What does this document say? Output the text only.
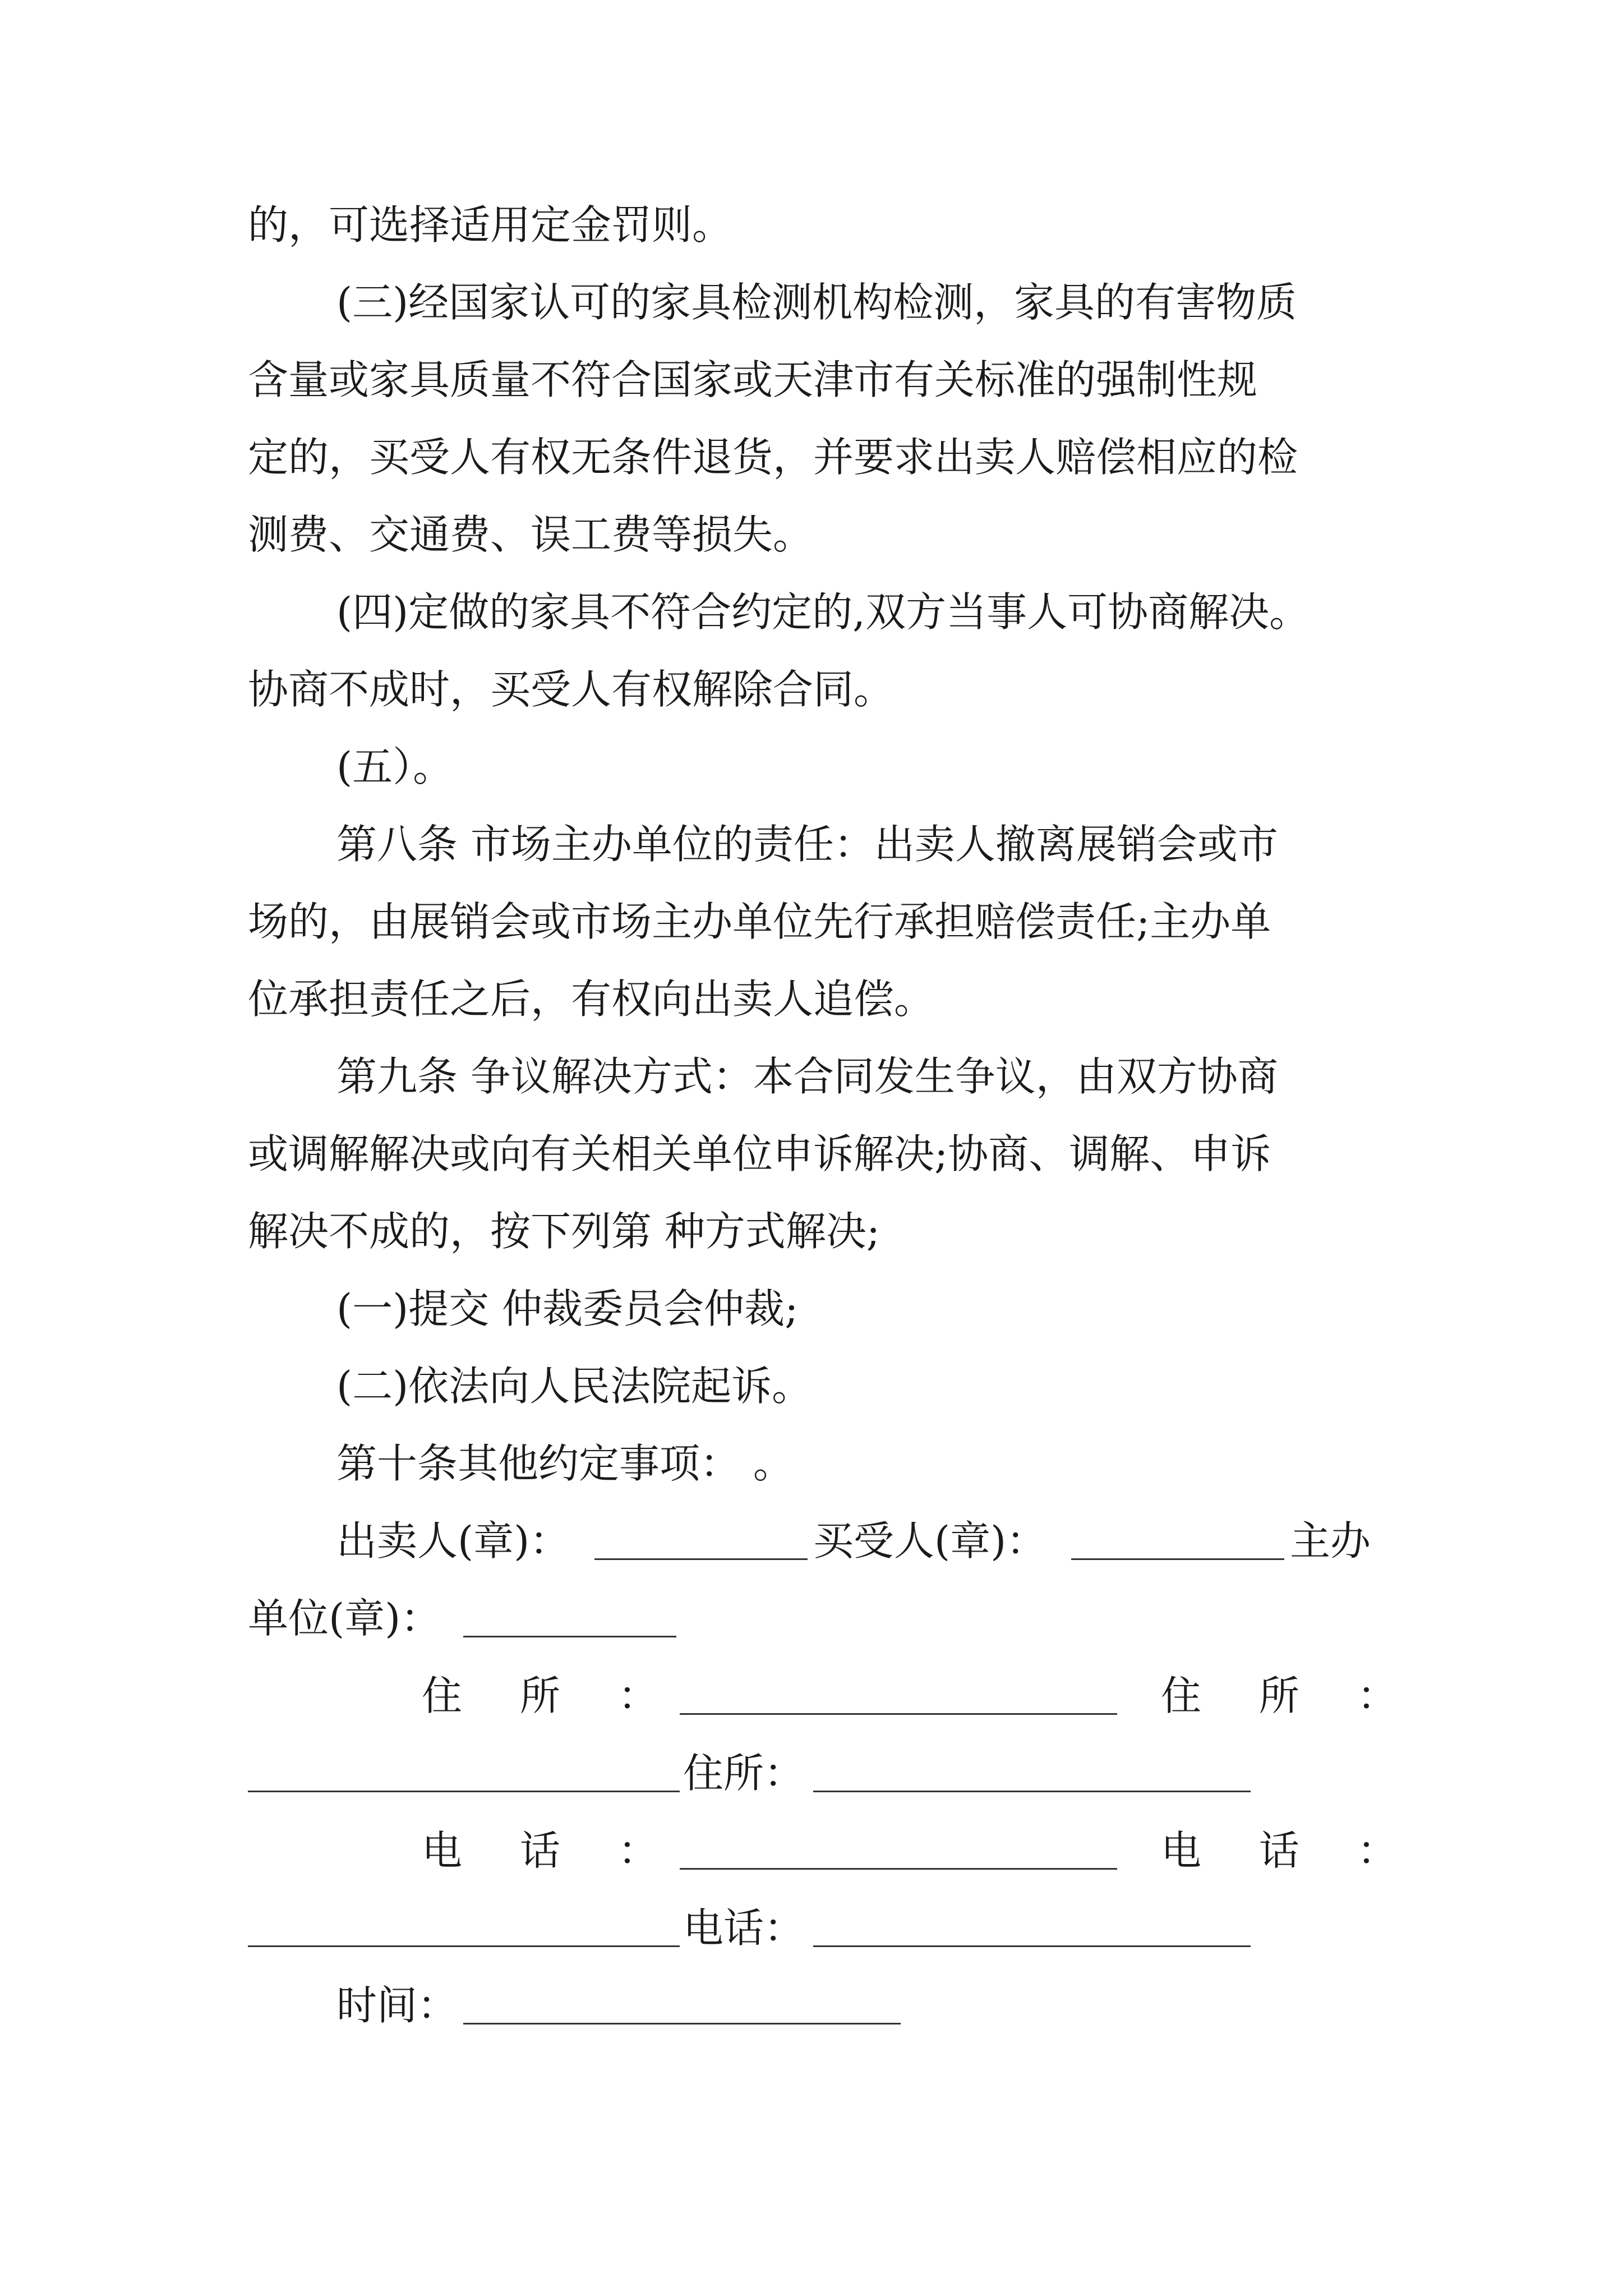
的，可选择适用定金罚则。
(三)经国家认可的家具检测机构检测，家具的有害物质
含量或家具质量不符合国家或天津市有关标准的强制性规
定的，买受人有权无条件退货，并要求出卖人赔偿相应的检
测费、交通费、误工费等损失。
(四)定做的家具不符合约定的,双方当事人可协商解决。
协商不成时，买受人有权解除合同。
(五）。
第八条 市场主办单位的责任：出卖人撤离展销会或市
场的，由展销会或市场主办单位先行承担赔偿责任;主办单
位承担责任之后，有权向出卖人追偿。
第九条 争议解决方式：本合同发生争议，由双方协商
或调解解决或向有关相关单位申诉解决;协商、调解、申诉
解决不成的，按下列第 种方式解决;
(一)提交 仲裁委员会仲裁;
(二)依法向人民法院起诉。
第十条其他约定事项： 。
出卖人(章)：	买受人(章)：	主办
单位(章)：
住 所 ：	住 所 ：
住所：
电 话 ：	电 话 ：
电话：
时间：
